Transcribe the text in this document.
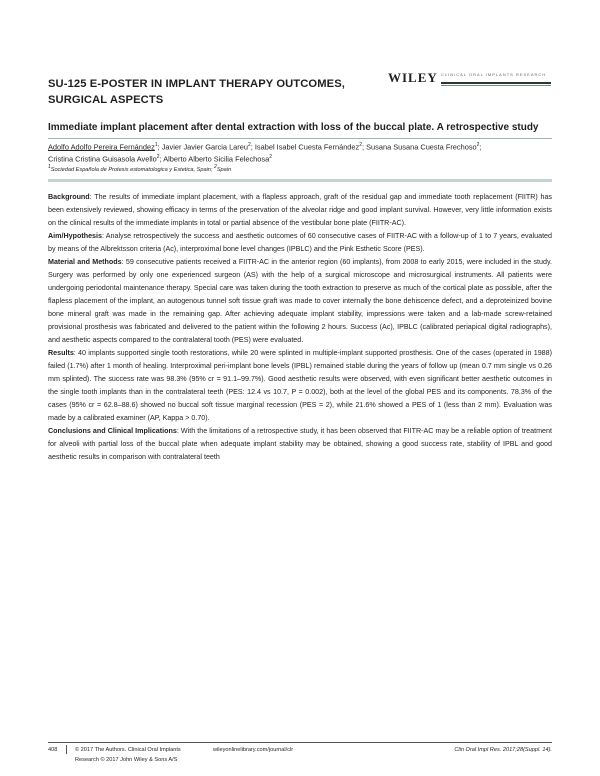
SU-125 E-POSTER IN IMPLANT THERAPY OUTCOMES, SURGICAL ASPECTS
WILEY CLINICAL ORAL IMPLANTS RESEARCH
Immediate implant placement after dental extraction with loss of the buccal plate. A retrospective study
Adolfo Adolfo Pereira Fernández$^1$; Javier Javier Garcia Lareu$^2$; Isabel Isabel Cuesta Fernández$^2$; Susana Susana Cuesta Frechoso$^2$;
Cristina Cristina Guisasola Avello$^2$; Alberto Alberto Sicilia Felechosa$^2$
$^1$Sociedad Española de Protesis estomatologica y Estetica, Spain; $^2$Spain

Background: The results of immediate implant placement, with a flapless approach, graft of the residual gap and immediate tooth replacement (FIITR) has been extensively reviewed, showing efficacy in terms of the preservation of the alveolar ridge and good implant survival. However, very little information exists on the clinical results of the immediate implants in total or partial absence of the vestibular bone plate (FIITR-AC).

Aim/Hypothesis: Analyse retrospectively the success and aesthetic outcomes of 60 consecutive cases of FIITR-AC with a follow-up of 1 to 7 years, evaluated by means of the Albrektsson criteria (Ac), interproximal bone level changes (IPBLC) and the Pink Esthetic Score (PES).

Material and Methods: 59 consecutive patients received a FIITR-AC in the anterior region (60 implants), from 2008 to early 2015, were included in the study. Surgery was performed by only one experienced surgeon (AS) with the help of a surgical microscope and microsurgical instruments. All patients were undergoing periodontal maintenance therapy. Special care was taken during the tooth extraction to preserve as much of the cortical plate as possible, after the flapless placement of the implant, an autogenous tunnel soft tissue graft was made to cover internally the bone dehiscence defect, and a deproteinized bovine bone mineral graft was made in the remaining gap. After achieving adequate implant stability, impressions were taken and a lab-made screw-retained provisional prosthesis was fabricated and delivered to the patient within the following 2 hours. Success (Ac), IPBLC (calibrated periapical digital radiographs), and aesthetic aspects compared to the contralateral tooth (PES) were evaluated.

Results: 40 implants supported single tooth restorations, while 20 were splinted in multiple-implant supported prosthesis. One of the cases (operated in 1988) failed (1.7%) after 1 month of healing. Interproximal peri-implant bone levels (IPBL) remained stable during the years of follow up (mean 0.7 mm single vs 0.26 mm splinted). The success rate was 98.3% (95% cr = 91.1–99.7%). Good aesthetic results were observed, with even significant better aesthetic outcomes in the single tooth implants than in the contralateral teeth (PES: 12.4 vs 10.7, P = 0.002), both at the level of the global PES and its components. 78.3% of the cases (95% cr = 62.8–88.6) showed no buccal soft tissue marginal recession (PES = 2), while 21.6% showed a PES of 1 (less than 2 mm). Evaluation was made by a calibrated examiner (AP, Kappa > 0.70).

Conclusions and Clinical Implications: With the limitations of a retrospective study, it has been observed that FIITR-AC may be a reliable option of treatment for alveoli with partial loss of the buccal plate when adequate implant stability may be obtained, showing a good success rate, stability of IPBL and good aesthetic results in comparison with contralateral teeth

408	© 2017 The Authors. Clinical Oral Implants Research © 2017 John Wiley & Sons A/S
wileyonlinelibrary.com/journal/clr	Clin Oral Impl Res. 2017;28(Suppl. 14).
